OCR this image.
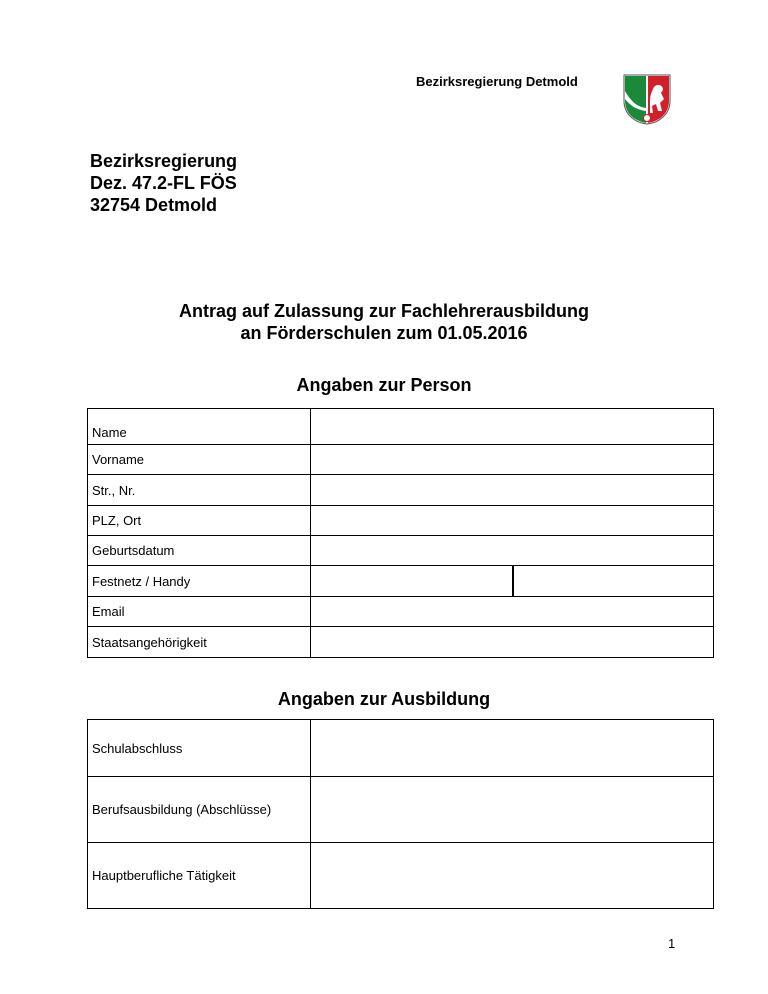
Bezirksregierung Detmold
Bezirksregierung
Dez. 47.2-FL FÖS
32754 Detmold
Antrag auf Zulassung zur Fachlehrerausbildung
an Förderschulen zum 01.05.2016
Angaben zur Person
Name	
Vorname	
Str., Nr.	
PLZ, Ort	
Geburtsdatum	
Festnetz / Handy	

Email	
Staatsangehörigkeit	
Angaben zur Ausbildung
Schulabschluss	
Berufsausbildung (Abschlüsse)	
Hauptberufliche Tätigkeit	
1
